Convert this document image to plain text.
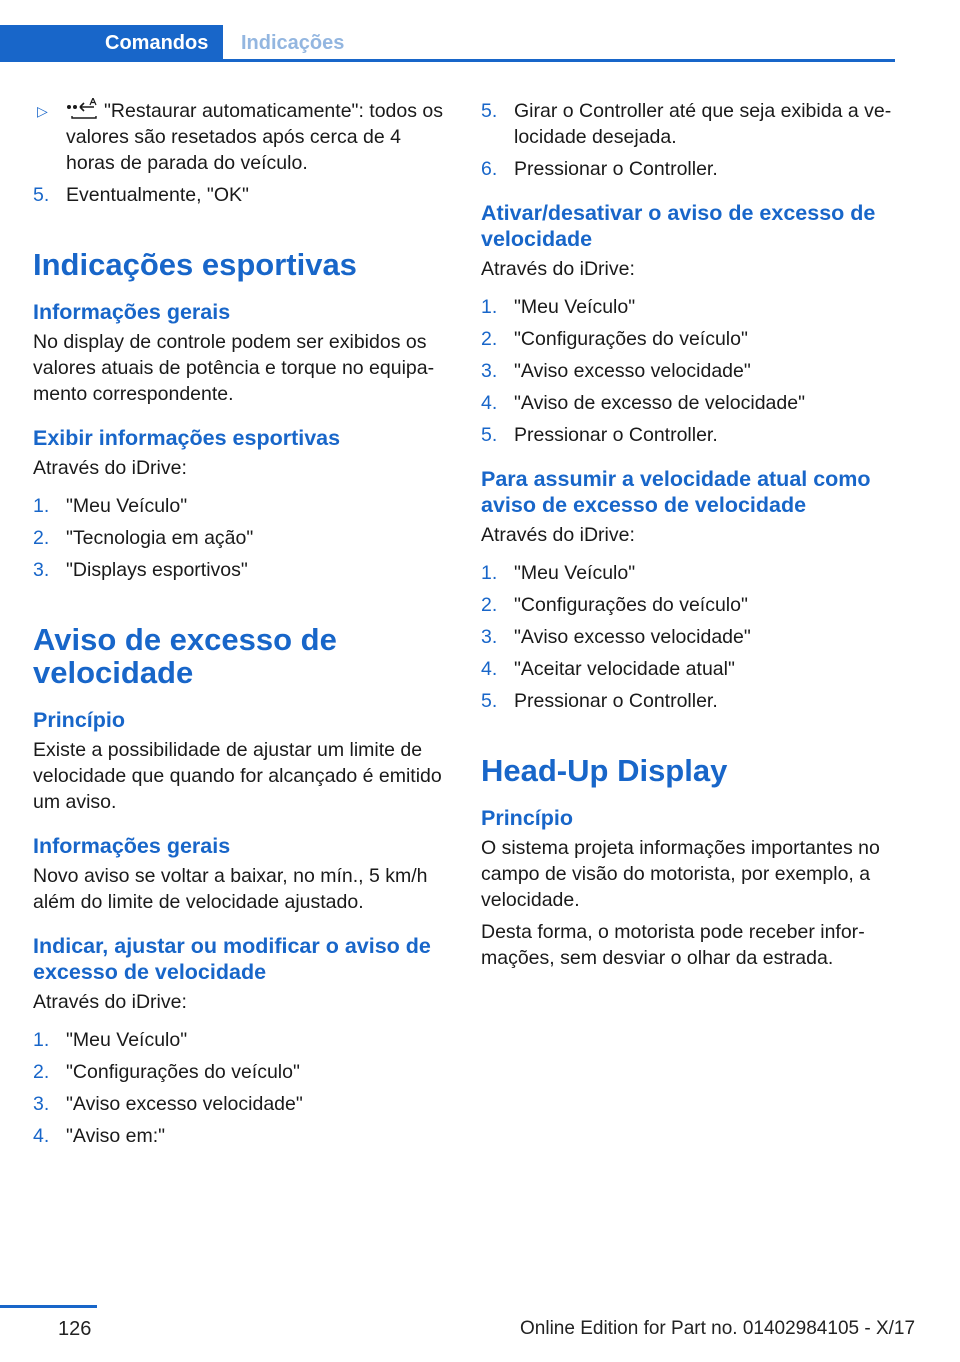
Comandos	Indicações
▷	"Restaurar automaticamente": todos os valores são resetados após cerca de 4 horas de parada do veículo.
5. Eventualmente, "OK"
Indicações esportivas
Informações gerais

No display de controle podem ser exibidos os valores atuais de potência e torque no equipamento correspondente.

Exibir informações esportivas

Através do iDrive:

1. "Meu Veículo"
2. "Tecnologia em ação"
3. "Displays esportivos"
Aviso de excesso de velocidade
Princípio

Existe a possibilidade de ajustar um limite de velocidade que quando for alcançado é emitido um aviso.

Informações gerais

Novo aviso se voltar a baixar, no mín., 5 km/h além do limite de velocidade ajustado.

Indicar, ajustar ou modificar o aviso de excesso de velocidade

Através do iDrive:

1. "Meu Veículo"
2. "Configurações do veículo"
3. "Aviso excesso velocidade"
4. "Aviso em:"
5. Girar o Controller até que seja exibida a velocidade desejada.
6. Pressionar o Controller.
Ativar/desativar o aviso de excesso de velocidade

Através do iDrive:

1. "Meu Veículo"
2. "Configurações do veículo"
3. "Aviso excesso velocidade"
4. "Aviso de excesso de velocidade"
5. Pressionar o Controller.
Para assumir a velocidade atual como aviso de excesso de velocidade

Através do iDrive:

1. "Meu Veículo"
2. "Configurações do veículo"
3. "Aviso excesso velocidade"
4. "Aceitar velocidade atual"
5. Pressionar o Controller.
Head-Up Display
Princípio

O sistema projeta informações importantes no campo de visão do motorista, por exemplo, a velocidade.

Desta forma, o motorista pode receber informações, sem desviar o olhar da estrada.

126	Online Edition for Part no. 01402984105 - X/17
